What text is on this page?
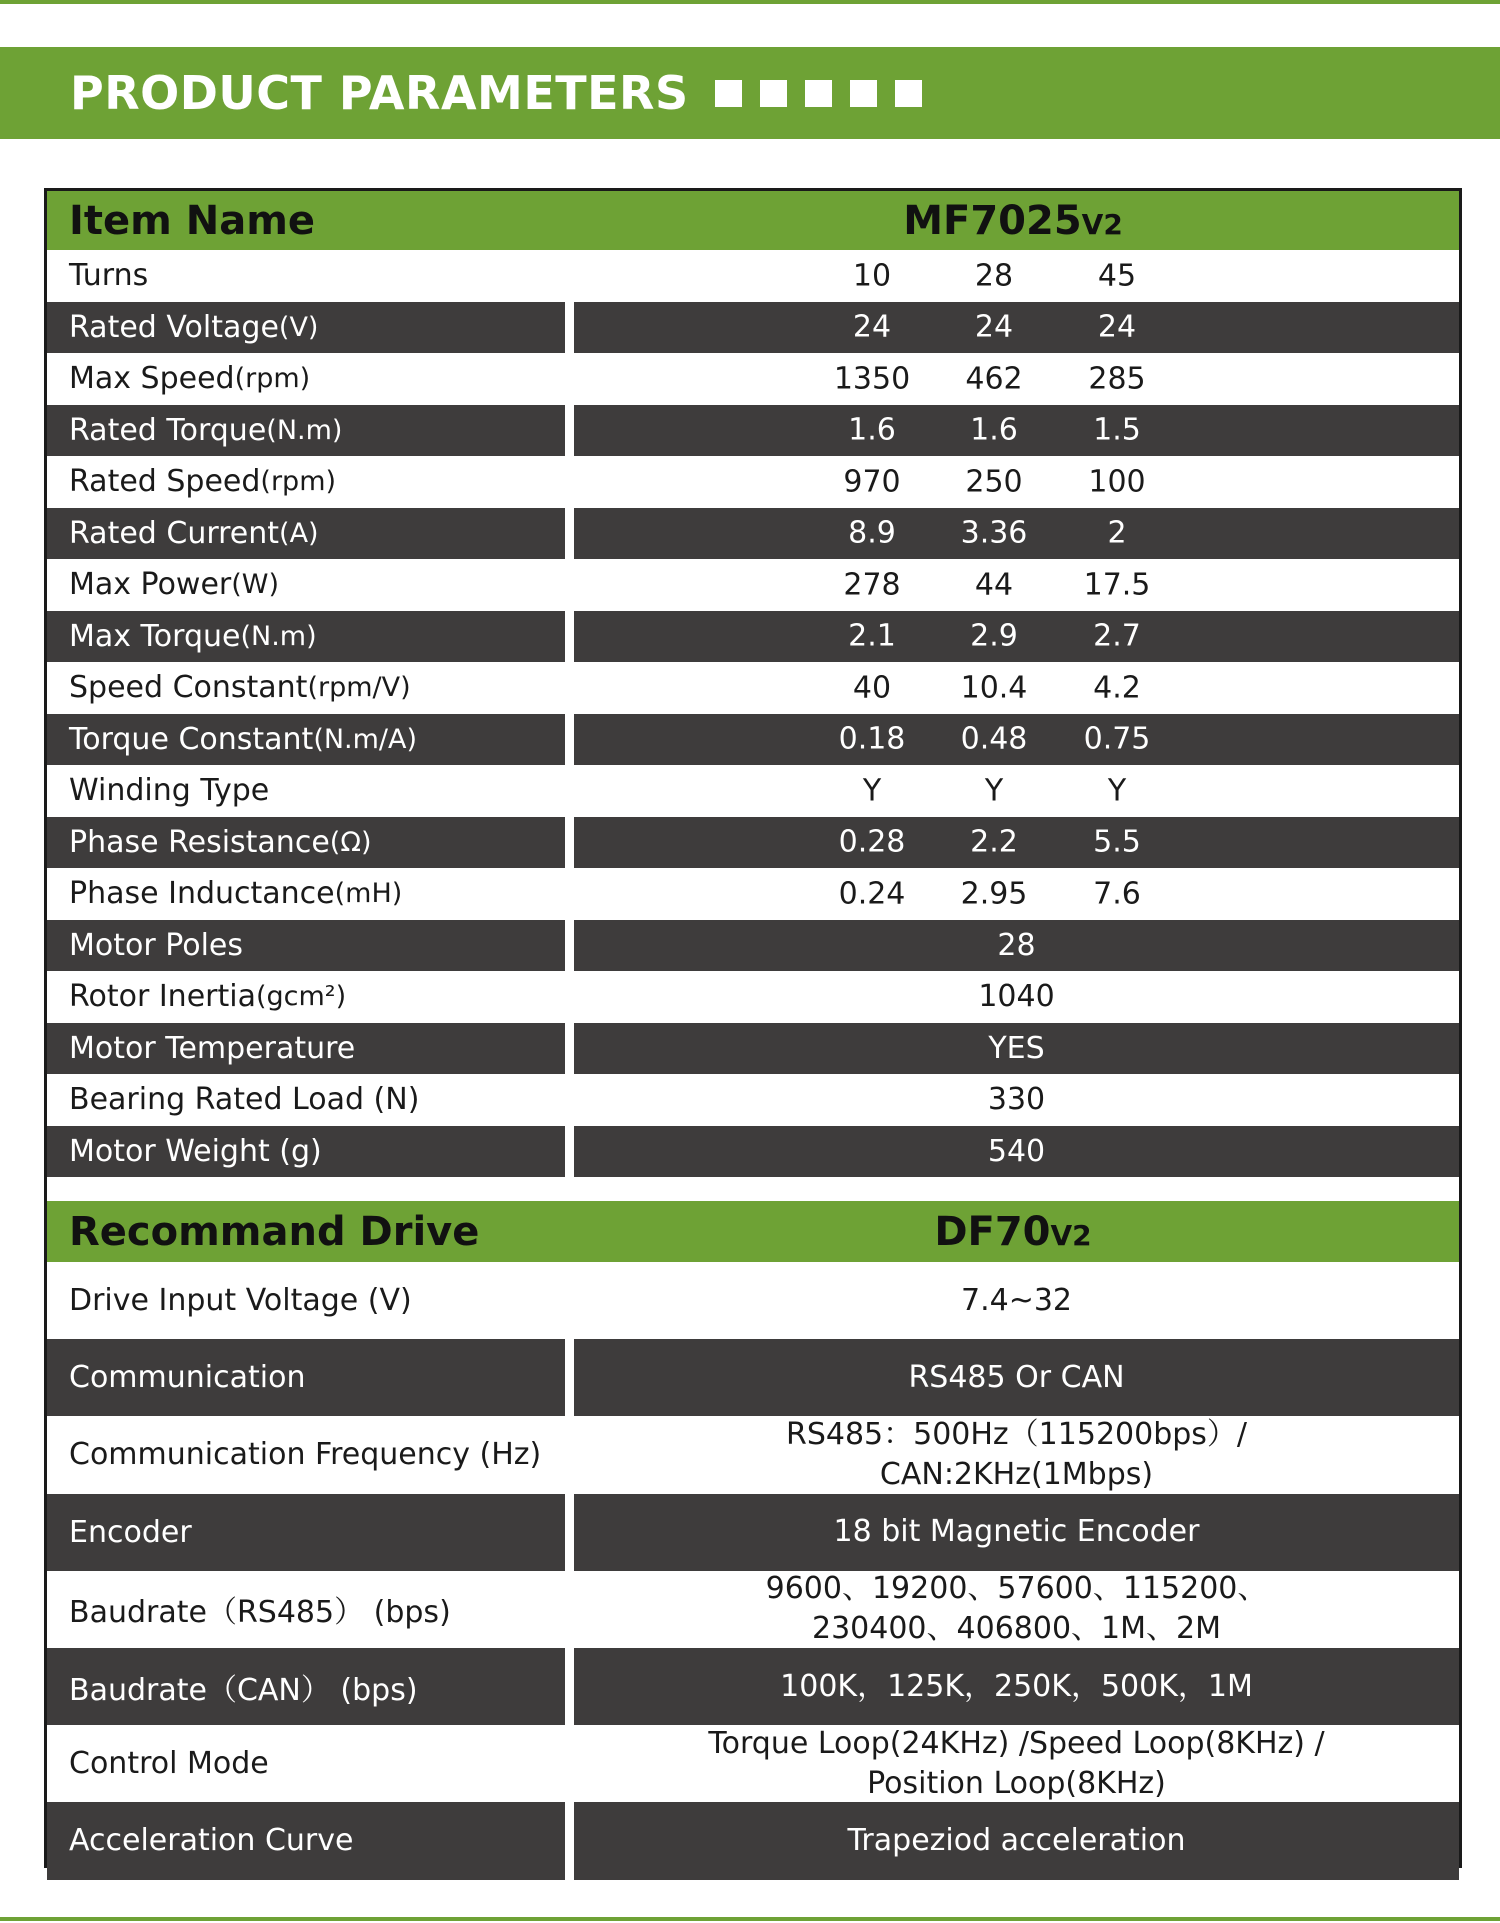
PRODUCT PARAMETERS
Item Name	MF7025V2
Turns	10	28	45
Rated Voltage (V)	24	24	24
Max Speed (rpm)	1350 462 285
Rated Torque (N.m)	1.6 1.6	1.5
Rated Speed (rpm)	970 250 100
Rated Current (A)	8.9 3.36	2
Max Power (W)	278 44 17.5
Max Torque (N.m)	2.1 2.9	2.7
Speed Constant (rpm/V)	40 10.4 4.2
Torque Constant (N.m/A)	0.18 0.48 0.75
Winding Type	Y	Y	Y
Phase Resistance (Ω)	0.28 2.2	5.5
Phase Inductance (mH)	0.24 2.95 7.6
Motor Poles	28
Rotor Inertia (gcm²)	1040
Motor Temperature	YES
Bearing Rated Load (N)	330
Motor Weight (g)	540
Recommand Drive	DF70V2
Drive Input Voltage (V)	7.4~32
Communication	RS485 Or CAN
Communication Frequency (Hz)
RS485：500Hz（115200bps）/
CAN:2KHz(1Mbps)
Encoder	18 bit Magnetic Encoder
Baudrate（RS485） (bps)
9600、19200、57600、115200、
230400、406800、1M、2M
Baudrate（CAN） (bps)	100K，125K，250K，500K，1M
Control Mode
Torque Loop(24KHz) /Speed Loop(8KHz) /
Position Loop(8KHz)
Acceleration Curve	Trapeziod acceleration
